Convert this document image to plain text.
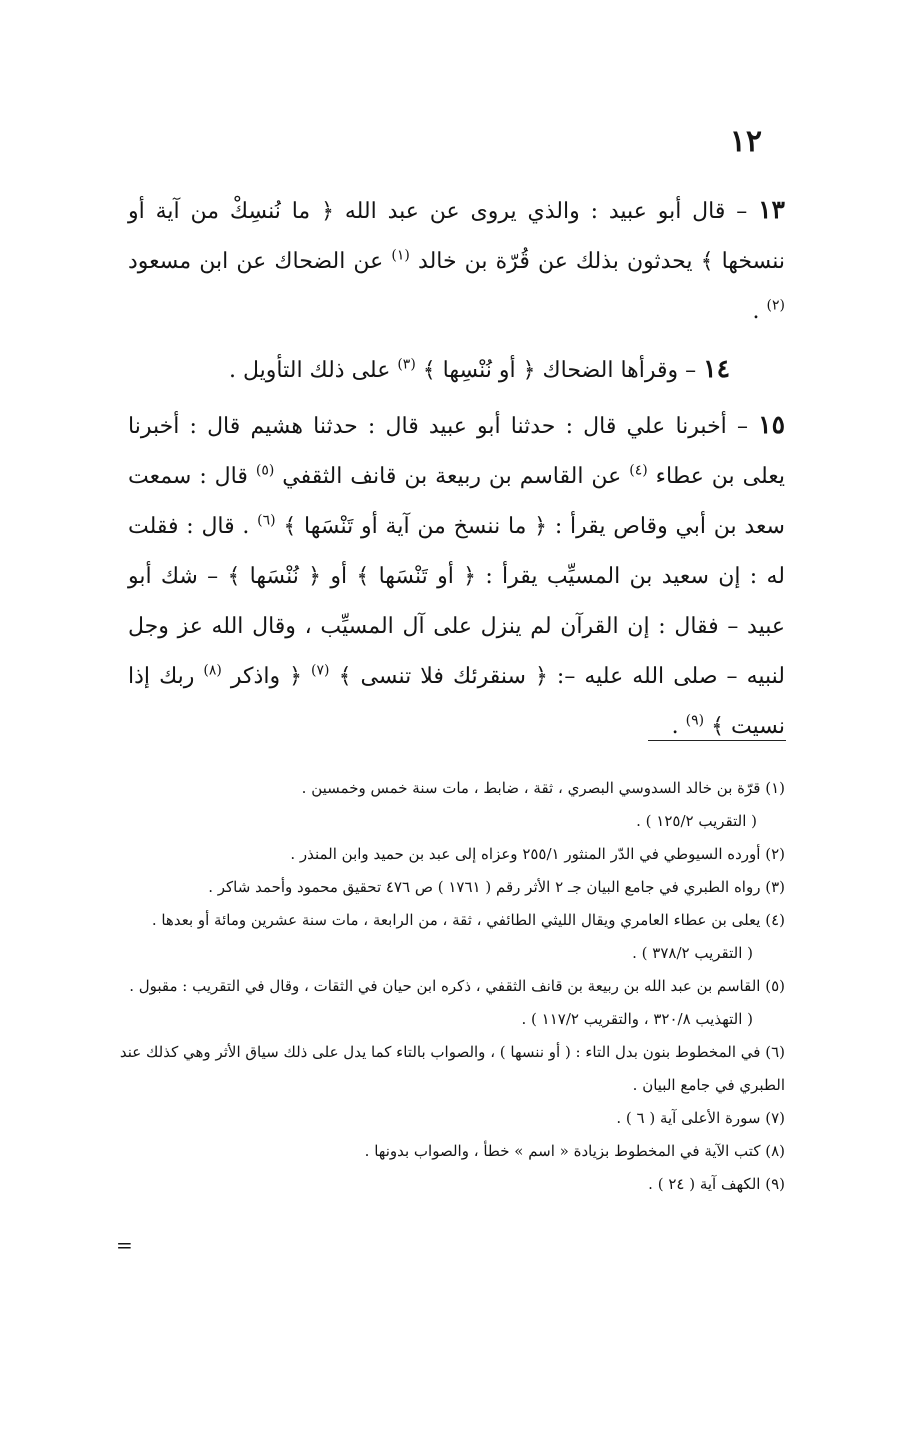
١٢

١٣ – قال أبو عبيد : والذي يروى عن عبد الله ﴿ ما نُنسِكْ من آية أو ننسخها ﴾ يحدثون بذلك عن قُرّة بن خالد $^{(١)}$ عن الضحاك عن ابن مسعود $^{(٢)}$ .

١٤ – وقرأها الضحاك ﴿ أو نُنْسِها ﴾ $^{(٣)}$ على ذلك التأويل .

١٥ – أخبرنا علي قال : حدثنا أبو عبيد قال : حدثنا هشيم قال : أخبرنا يعلى بن عطاء $^{(٤)}$ عن القاسم بن ربيعة بن قانف الثقفي $^{(٥)}$ قال : سمعت سعد بن أبي وقاص يقرأ : ﴿ ما ننسخ من آية أو تَنْسَها ﴾ $^{(٦)}$ . قال : فقلت له : إن سعيد بن المسيِّب يقرأ : ﴿ أو تَنْسَها ﴾ أو ﴿ نُنْسَها ﴾ – شك أبو عبيد – فقال : إن القرآن لم ينزل على آل المسيِّب ، وقال الله عز وجل لنبيه – صلى الله عليه –: ﴿ سنقرئك فلا تنسى ﴾ $^{(٧)}$ ﴿ واذكر $^{(٨)}$ ربك إذا نسيت ﴾ $^{(٩)}$ .

(١) قرّة بن خالد السدوسي البصري ، ثقة ، ضابط ، مات سنة خمس وخمسين .

( التقريب ١٢٥/٢ ) .

(٢) أورده السيوطي في الدّر المنثور ٢٥٥/١ وعزاه إلى عبد بن حميد وابن المنذر .

(٣) رواه الطبري في جامع البيان جـ ٢ الأثر رقم ( ١٧٦١ ) ص ٤٧٦ تحقيق محمود وأحمد شاكر .

(٤) يعلى بن عطاء العامري ويقال الليثي الطائفي ، ثقة ، من الرابعة ، مات سنة عشرين ومائة أو بعدها .

( التقريب ٣٧٨/٢ ) .

(٥) القاسم بن عبد الله بن ربيعة بن قانف الثقفي ، ذكره ابن حيان في الثقات ، وقال في التقريب : مقبول .

( التهذيب ٣٢٠/٨ ، والتقريب ١١٧/٢ ) .

(٦) في المخطوط بنون بدل التاء : ( أو ننسها ) ، والصواب بالتاء كما يدل على ذلك سياق الأثر وهي كذلك عند الطبري في جامع البيان .

(٧) سورة الأعلى آية ( ٦ ) .

(٨) كتب الآية في المخطوط بزيادة « اسم » خطأ ، والصواب بدونها .

(٩) الكهف آية ( ٢٤ ) .

=
